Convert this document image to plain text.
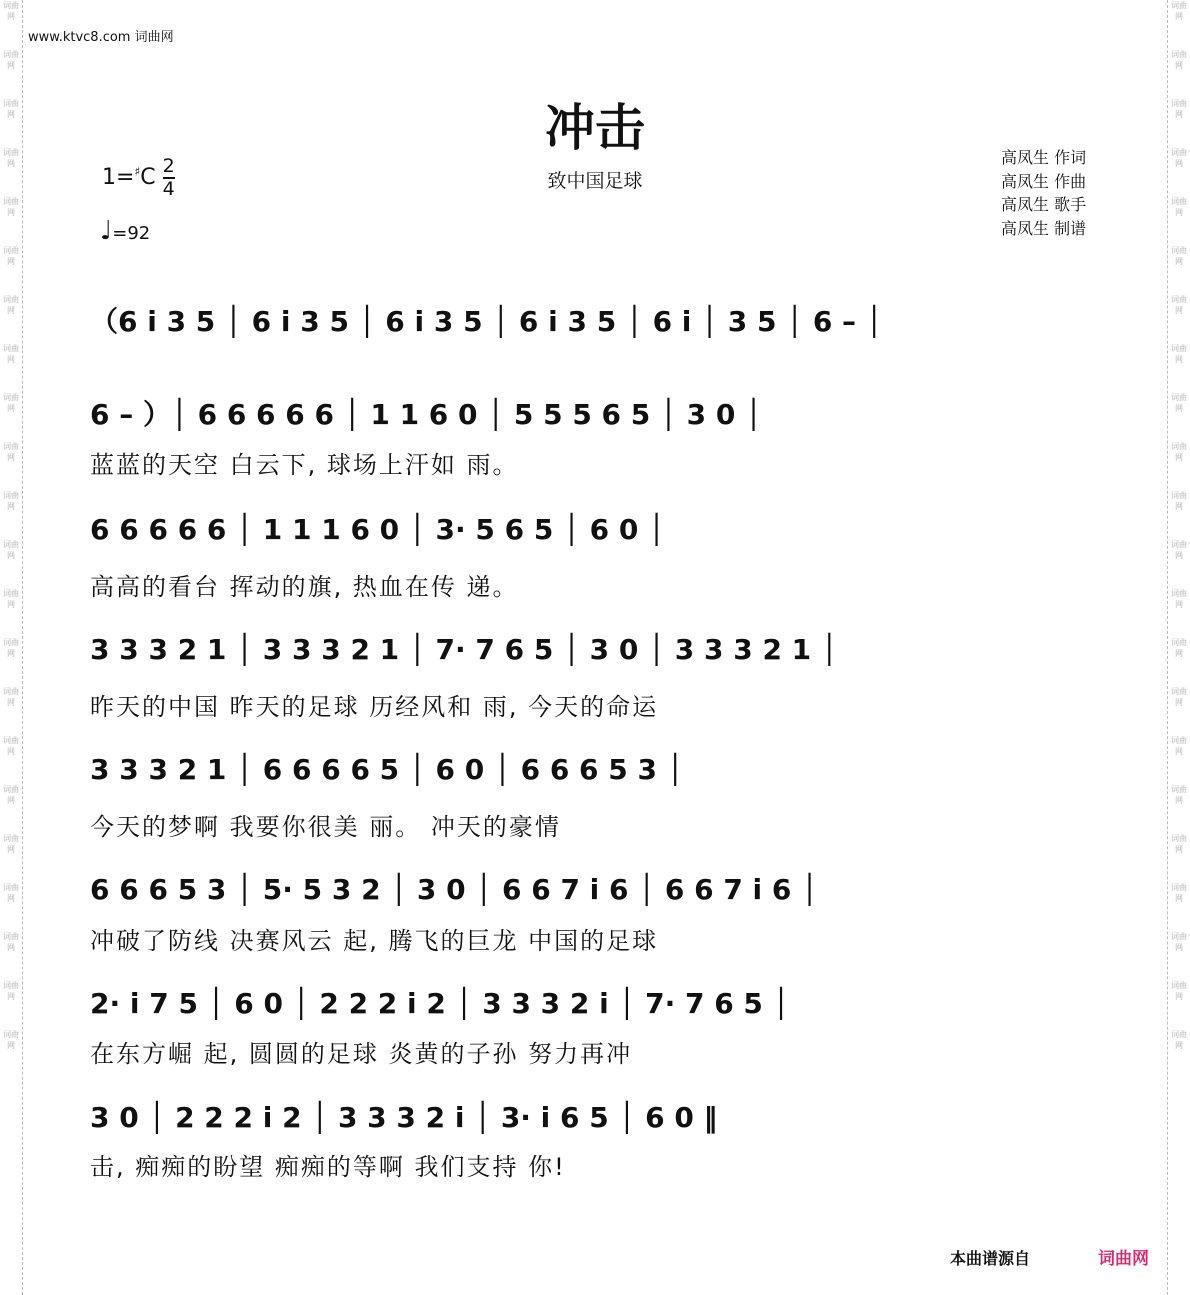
词曲网
词曲网
词曲网
词曲网
词曲网
词曲网
词曲网
词曲网
词曲网
词曲网
词曲网
词曲网
词曲网
词曲网
词曲网
词曲网
词曲网
词曲网
词曲网
词曲网
词曲网
词曲网
词曲网
词曲网
词曲网
词曲网
词曲网
词曲网
词曲网
词曲网
词曲网
词曲网
词曲网
词曲网
词曲网
词曲网
词曲网
词曲网
词曲网
词曲网
词曲网
词曲网
词曲网
词曲网
www.ktvc8.com 词曲网
冲击
致中国足球
$1=^♯C \frac{2}{4}$
♩=92
高凤生 作词
高凤生 作曲
高凤生 歌手
高凤生 制谱
（6 i 3 5 │ 6 i 3 5 │ 6 i 3 5 │ 6 i 3 5 │ 6 i │ 3 5 │ 6 – │
6 – ）│ 6 6 6 6 6 │ 1 1 6 0 │ 5 5 5 6 5 │ 3 0 │
蓝蓝的天空 白云下, 球场上汗如 雨。
6 6 6 6 6 │ 1 1 1 6 0 │ 3· 5 6 5 │ 6 0 │
高高的看台 挥动的旗, 热血在传 递。
3 3 3 2 1 │ 3 3 3 2 1 │ 7· 7 6 5 │ 3 0 │ 3 3 3 2 1 │
昨天的中国 昨天的足球 历经风和 雨, 今天的命运
3 3 3 2 1 │ 6 6 6 6 5 │ 6 0 │ 6 6 6 5 3 │
今天的梦啊 我要你很美 丽。 冲天的豪情
6 6 6 5 3 │ 5· 5 3 2 │ 3 0 │ 6 6 7 i 6 │ 6 6 7 i 6 │
冲破了防线 决赛风云 起, 腾飞的巨龙 中国的足球
2· i 7 5 │ 6 0 │ 2 2 2 i 2 │ 3 3 3 2 i │ 7· 7 6 5 │
在东方崛 起, 圆圆的足球 炎黄的子孙 努力再冲
3 0 │ 2 2 2 i 2 │ 3 3 3 2 i │ 3· i 6 5 │ 6 0 ‖
击, 痴痴的盼望 痴痴的等啊 我们支持 你!
本曲谱源自	词曲网
